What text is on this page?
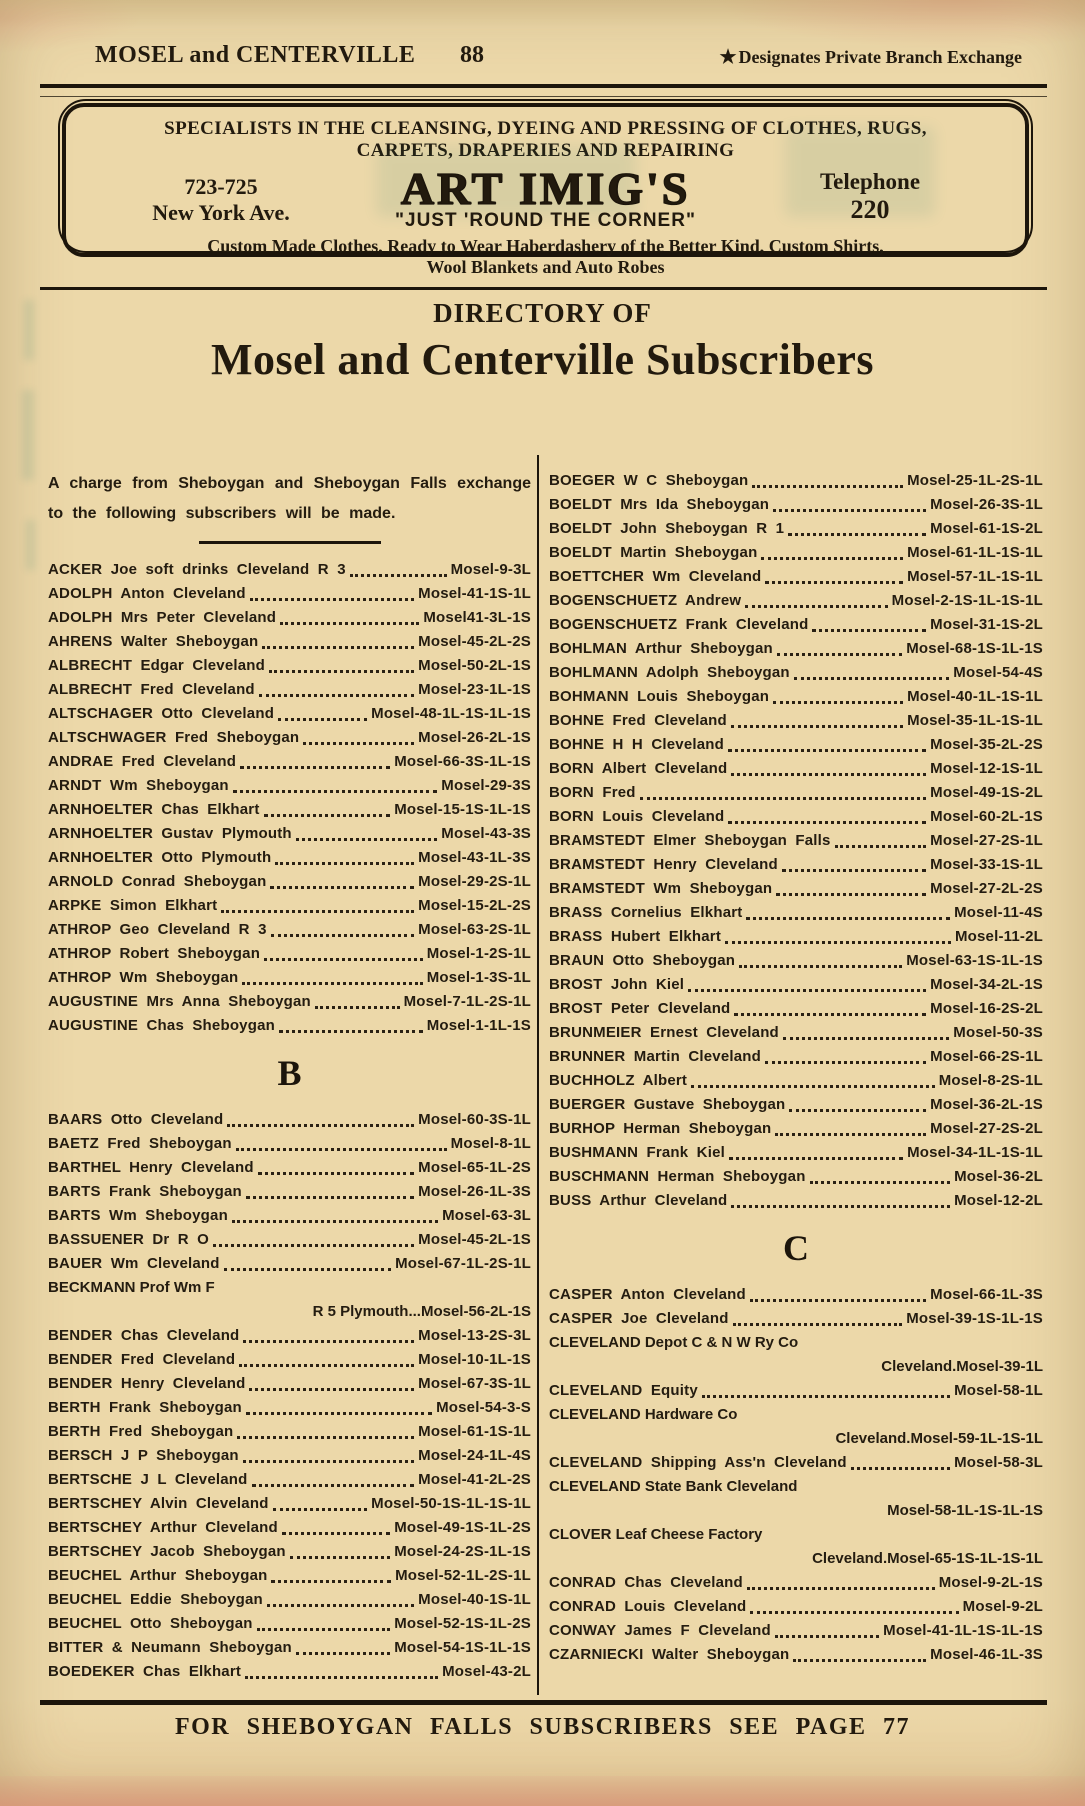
MOSEL and CENTERVILLE 88	★ Designates Private Branch Exchange
SPECIALISTS IN THE CLEANSING, DYEING AND PRESSING OF CLOTHES, RUGS,
CARPETS, DRAPERIES AND REPAIRING
723-725
New York Ave.	ART IMIG'S
"JUST 'ROUND THE CORNER"
Telephone
220
Custom Made Clothes, Ready to Wear Haberdashery of the Better Kind, Custom Shirts,
Wool Blankets and Auto Robes
DIRECTORY OF
Mosel and Centerville Subscribers
A charge from Sheboygan and Sheboygan Falls exchange to the following subscribers will be made.
ACKER Joe soft drinks Cleveland R 3	Mosel-9-3L
ADOLPH Anton Cleveland	Mosel-41-1S-1L
ADOLPH Mrs Peter Cleveland	Mosel41-3L-1S
AHRENS Walter Sheboygan	Mosel-45-2L-2S
ALBRECHT Edgar Cleveland	Mosel-50-2L-1S
ALBRECHT Fred Cleveland	Mosel-23-1L-1S
ALTSCHAGER Otto Cleveland	Mosel-48-1L-1S-1L-1S
ALTSCHWAGER Fred Sheboygan	Mosel-26-2L-1S
ANDRAE Fred Cleveland	Mosel-66-3S-1L-1S
ARNDT Wm Sheboygan	Mosel-29-3S
ARNHOELTER Chas Elkhart	Mosel-15-1S-1L-1S
ARNHOELTER Gustav Plymouth	Mosel-43-3S
ARNHOELTER Otto Plymouth	Mosel-43-1L-3S
ARNOLD Conrad Sheboygan	Mosel-29-2S-1L
ARPKE Simon Elkhart	Mosel-15-2L-2S
ATHROP Geo Cleveland R 3	Mosel-63-2S-1L
ATHROP Robert Sheboygan	Mosel-1-2S-1L
ATHROP Wm Sheboygan	Mosel-1-3S-1L
AUGUSTINE Mrs Anna Sheboygan	Mosel-7-1L-2S-1L
AUGUSTINE Chas Sheboygan	Mosel-1-1L-1S
B
BAARS Otto Cleveland	Mosel-60-3S-1L
BAETZ Fred Sheboygan	Mosel-8-1L
BARTHEL Henry Cleveland	Mosel-65-1L-2S
BARTS Frank Sheboygan	Mosel-26-1L-3S
BARTS Wm Sheboygan	Mosel-63-3L
BASSUENER Dr R O	Mosel-45-2L-1S
BAUER Wm Cleveland	Mosel-67-1L-2S-1L
BECKMANN Prof Wm F
R 5 Plymouth...Mosel-56-2L-1S
BENDER Chas Cleveland	Mosel-13-2S-3L
BENDER Fred Cleveland	Mosel-10-1L-1S
BENDER Henry Cleveland	Mosel-67-3S-1L
BERTH Frank Sheboygan	Mosel-54-3-S
BERTH Fred Sheboygan	Mosel-61-1S-1L
BERSCH J P Sheboygan	Mosel-24-1L-4S
BERTSCHE J L Cleveland	Mosel-41-2L-2S
BERTSCHEY Alvin Cleveland	Mosel-50-1S-1L-1S-1L
BERTSCHEY Arthur Cleveland	Mosel-49-1S-1L-2S
BERTSCHEY Jacob Sheboygan	Mosel-24-2S-1L-1S
BEUCHEL Arthur Sheboygan	Mosel-52-1L-2S-1L
BEUCHEL Eddie Sheboygan	Mosel-40-1S-1L
BEUCHEL Otto Sheboygan	Mosel-52-1S-1L-2S
BITTER & Neumann Sheboygan	Mosel-54-1S-1L-1S
BOEDEKER Chas Elkhart	Mosel-43-2L
BOEGER W C Sheboygan	Mosel-25-1L-2S-1L
BOELDT Mrs Ida Sheboygan	Mosel-26-3S-1L
BOELDT John Sheboygan R 1	Mosel-61-1S-2L
BOELDT Martin Sheboygan	Mosel-61-1L-1S-1L
BOETTCHER Wm Cleveland	Mosel-57-1L-1S-1L
BOGENSCHUETZ Andrew	Mosel-2-1S-1L-1S-1L
BOGENSCHUETZ Frank Cleveland	Mosel-31-1S-2L
BOHLMAN Arthur Sheboygan	Mosel-68-1S-1L-1S
BOHLMANN Adolph Sheboygan	Mosel-54-4S
BOHMANN Louis Sheboygan	Mosel-40-1L-1S-1L
BOHNE Fred Cleveland	Mosel-35-1L-1S-1L
BOHNE H H Cleveland	Mosel-35-2L-2S
BORN Albert Cleveland	Mosel-12-1S-1L
BORN Fred	Mosel-49-1S-2L
BORN Louis Cleveland	Mosel-60-2L-1S
BRAMSTEDT Elmer Sheboygan Falls	Mosel-27-2S-1L
BRAMSTEDT Henry Cleveland	Mosel-33-1S-1L
BRAMSTEDT Wm Sheboygan	Mosel-27-2L-2S
BRASS Cornelius Elkhart	Mosel-11-4S
BRASS Hubert Elkhart	Mosel-11-2L
BRAUN Otto Sheboygan	Mosel-63-1S-1L-1S
BROST John Kiel	Mosel-34-2L-1S
BROST Peter Cleveland	Mosel-16-2S-2L
BRUNMEIER Ernest Cleveland	Mosel-50-3S
BRUNNER Martin Cleveland	Mosel-66-2S-1L
BUCHHOLZ Albert	Mosel-8-2S-1L
BUERGER Gustave Sheboygan	Mosel-36-2L-1S
BURHOP Herman Sheboygan	Mosel-27-2S-2L
BUSHMANN Frank Kiel	Mosel-34-1L-1S-1L
BUSCHMANN Herman Sheboygan	Mosel-36-2L
BUSS Arthur Cleveland	Mosel-12-2L
C
CASPER Anton Cleveland	Mosel-66-1L-3S
CASPER Joe Cleveland	Mosel-39-1S-1L-1S
CLEVELAND Depot C & N W Ry Co
Cleveland.Mosel-39-1L
CLEVELAND Equity	Mosel-58-1L
CLEVELAND Hardware Co
Cleveland.Mosel-59-1L-1S-1L
CLEVELAND Shipping Ass'n Cleveland	Mosel-58-3L
CLEVELAND State Bank Cleveland
Mosel-58-1L-1S-1L-1S
CLOVER Leaf Cheese Factory
Cleveland.Mosel-65-1S-1L-1S-1L
CONRAD Chas Cleveland	Mosel-9-2L-1S
CONRAD Louis Cleveland	Mosel-9-2L
CONWAY James F Cleveland	Mosel-41-1L-1S-1L-1S
CZARNIECKI Walter Sheboygan	Mosel-46-1L-3S
FOR SHEBOYGAN FALLS SUBSCRIBERS SEE PAGE 77
